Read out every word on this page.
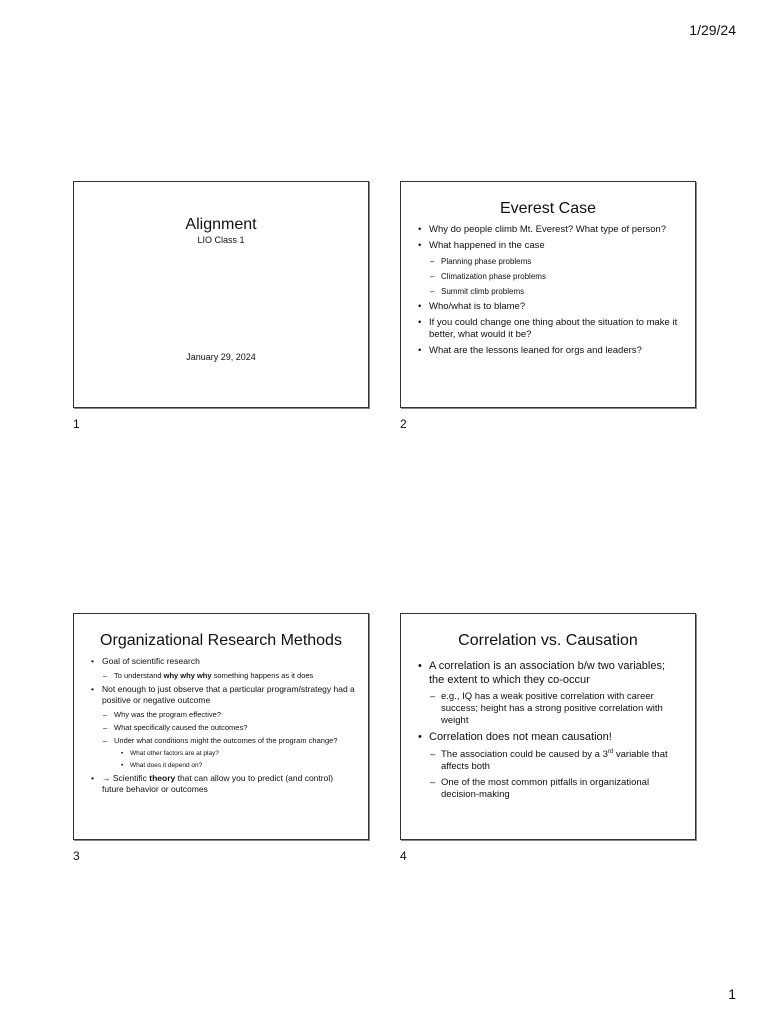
1/29/24
Alignment
LIO Class 1
January 29, 2024
1
Everest Case
• Why do people climb Mt. Everest? What type of person?
• What happened in the case
– Planning phase problems
– Climatization phase problems
– Summit climb problems
• Who/what is to blame?
• If you could change one thing about the situation to make it better, what would it be?
• What are the lessons leaned for orgs and leaders?
2
Organizational Research Methods
• Goal of scientific research
– To understand why why why something happens as it does
• Not enough to just observe that a particular program/strategy had a positive or negative outcome
– Why was the program effective?
– What specifically caused the outcomes?
– Under what conditions might the outcomes of the program change?
• What other factors are at play?
• What does it depend on?
• → Scientific theory that can allow you to predict (and control) future behavior or outcomes
3
Correlation vs. Causation
• A correlation is an association b/w two variables; the extent to which they co-occur
– e.g., IQ has a weak positive correlation with career success; height has a strong positive correlation with weight
• Correlation does not mean causation!
– The association could be caused by a 3rd variable that affects both
– One of the most common pitfalls in organizational decision-making
4
1
